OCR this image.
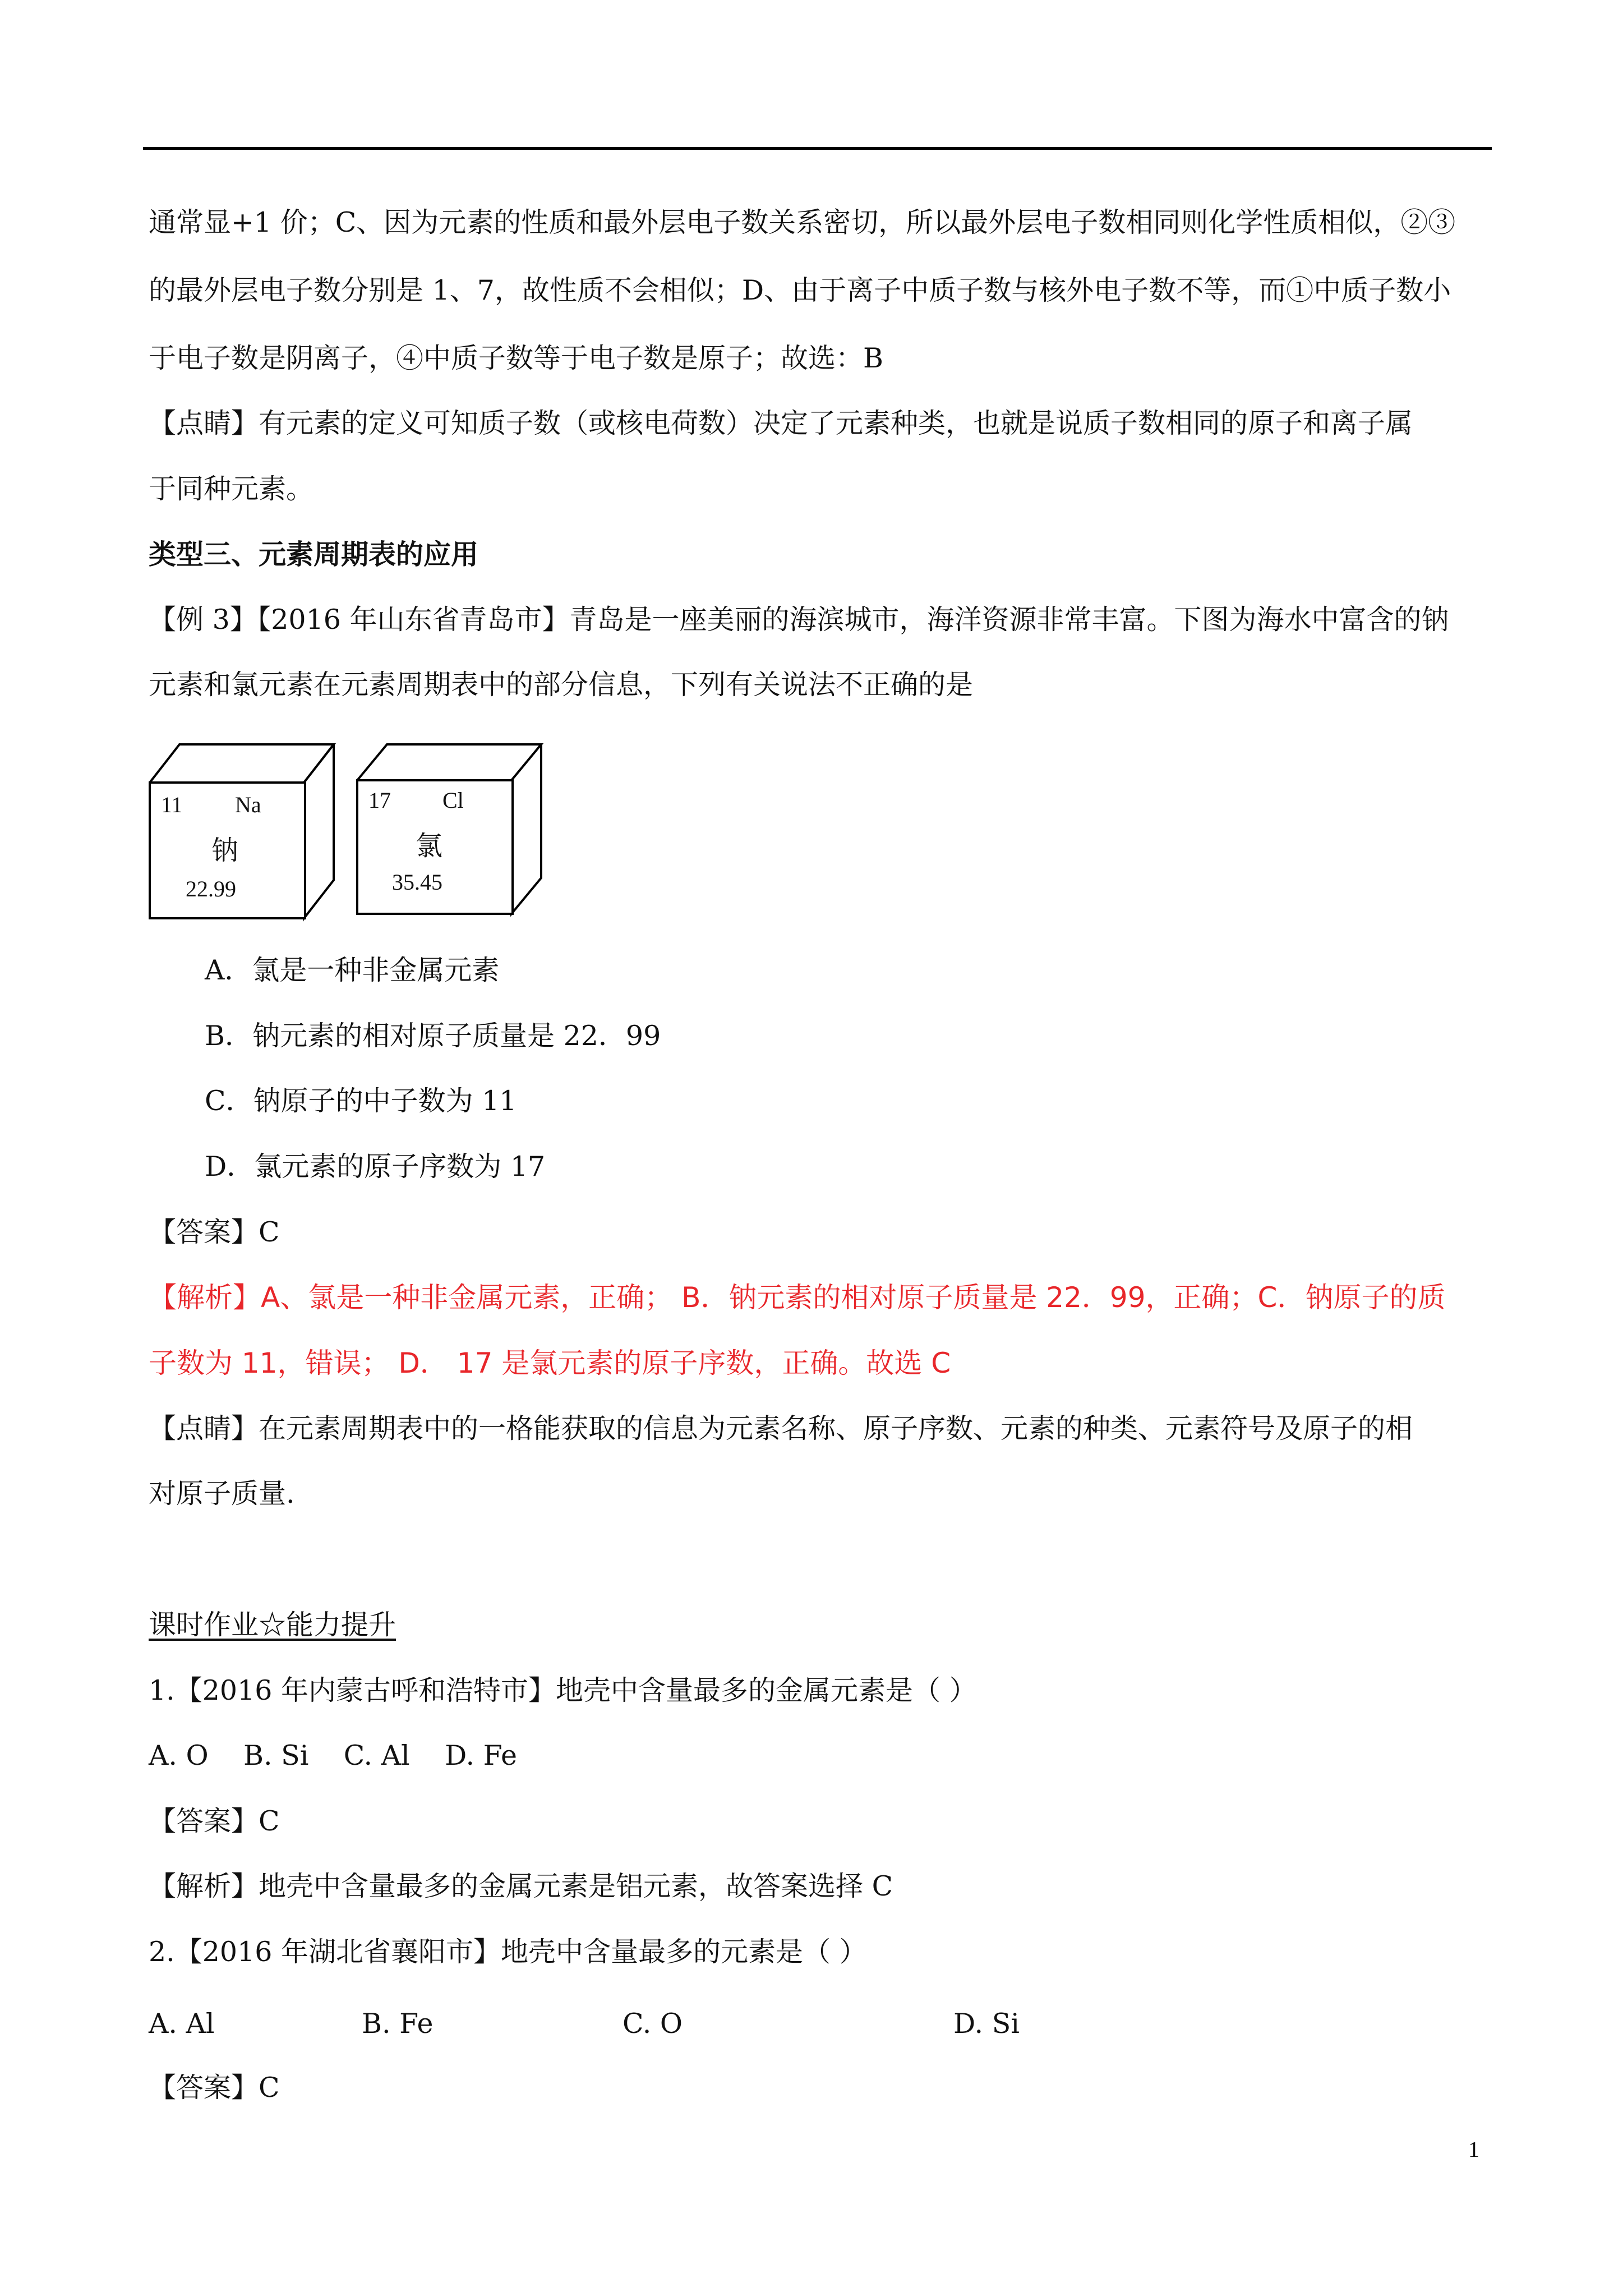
通常显+1 价；C、因为元素的性质和最外层电子数关系密切，所以最外层电子数相同则化学性质相似，②③
的最外层电子数分别是 1、7，故性质不会相似；D、由于离子中质子数与核外电子数不等，而①中质子数小
于电子数是阴离子，④中质子数等于电子数是原子；故选：B
【点睛】有元素的定义可知质子数（或核电荷数）决定了元素种类，也就是说质子数相同的原子和离子属
于同种元素。
类型三、元素周期表的应用
【例 3】【2016 年山东省青岛市】青岛是一座美丽的海滨城市，海洋资源非常丰富。下图为海水中富含的钠
元素和氯元素在元素周期表中的部分信息，下列有关说法不正确的是
11 Na
钠
22.99
17 Cl
氯
35.45
A．氯是一种非金属元素
B．钠元素的相对原子质量是 22．99
C．钠原子的中子数为 11
D．氯元素的原子序数为 17
【答案】C
【解析】A、氯是一种非金属元素，正确； B．钠元素的相对原子质量是 22．99，正确；C．钠原子的质
子数为 11，错误； D． 17 是氯元素的原子序数，正确。故选 C
【点睛】在元素周期表中的一格能获取的信息为元素名称、原子序数、元素的种类、元素符号及原子的相
对原子质量.
课时作业☆能力提升
1.【2016 年内蒙古呼和浩特市】地壳中含量最多的金属元素是（ ）
A. O    B. Si    C. Al    D. Fe
【答案】C
【解析】地壳中含量最多的金属元素是铝元素，故答案选择 C
2.【2016 年湖北省襄阳市】地壳中含量最多的元素是（ ）
A. Al	B. Fe	C. O	D. Si
【答案】C
1
